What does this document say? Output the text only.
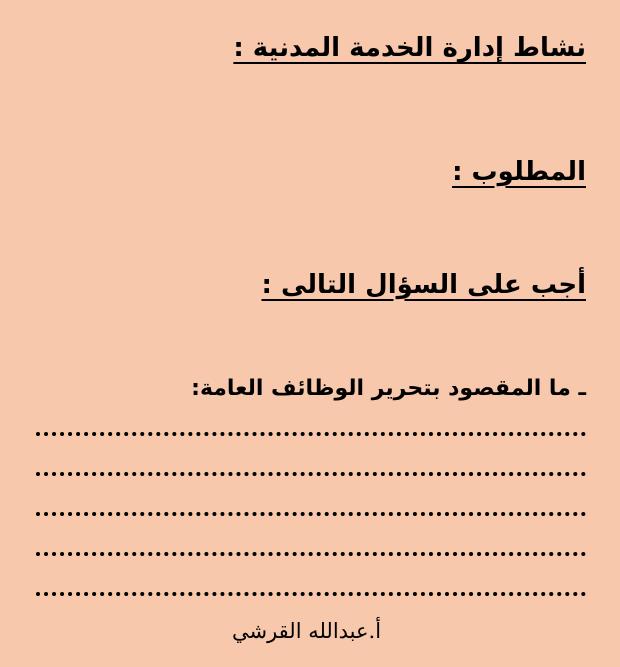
نشاط إدارة الخدمة المدنية :
المطلوب :
أجب على السؤال التالى :

ـ ما المقصود بتحرير الوظائف العامة:

أ.عبدالله القرشي
